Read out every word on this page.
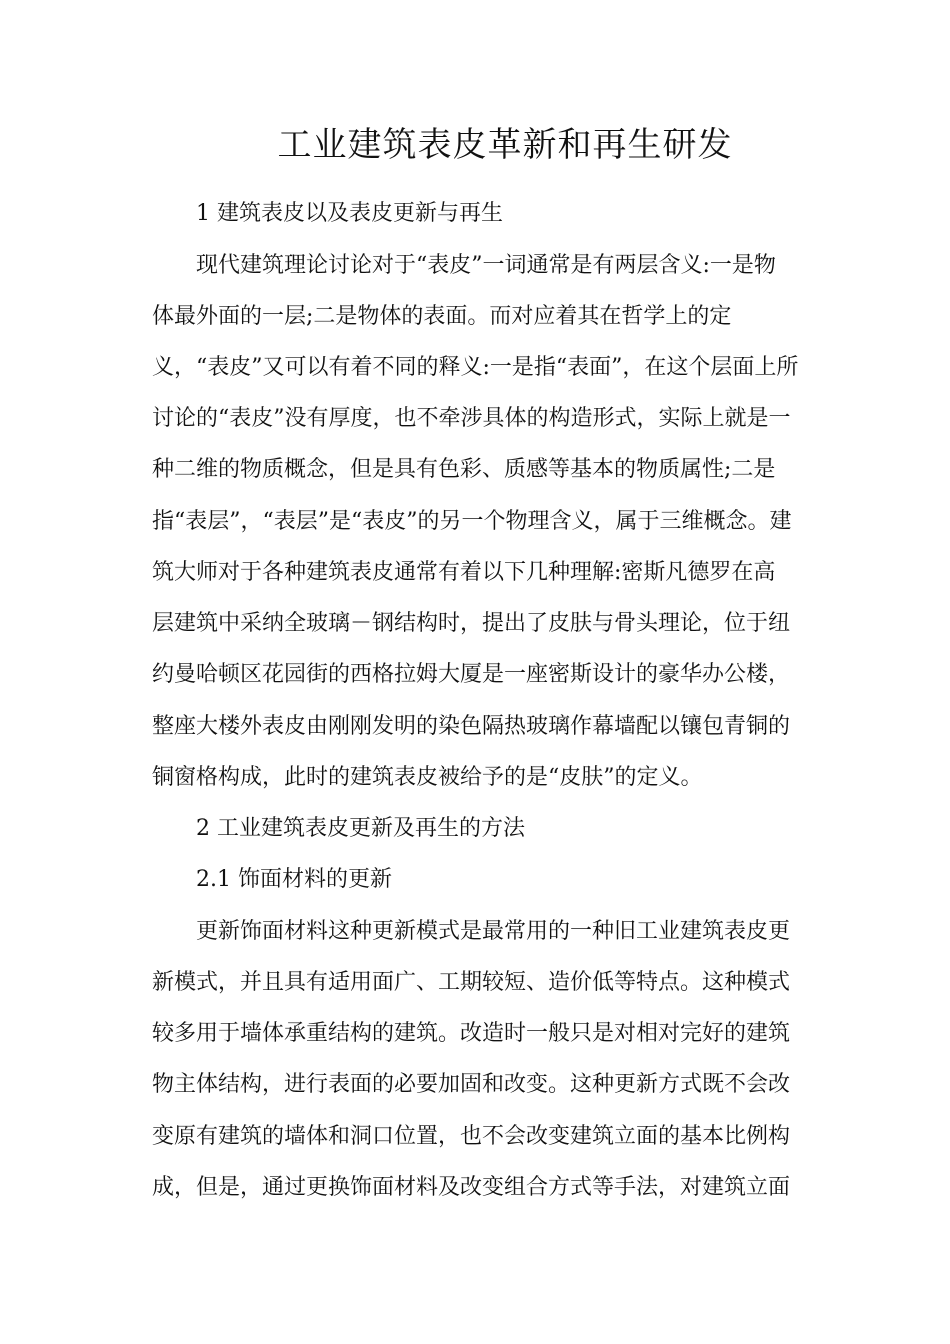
工业建筑表皮革新和再生研发
1 建筑表皮以及表皮更新与再生
现代建筑理论讨论对于“表皮”一词通常是有两层含义:一是物
体最外面的一层;二是物体的表面。而对应着其在哲学上的定
义，“表皮”又可以有着不同的释义:一是指“表面”，在这个层面上所
讨论的“表皮”没有厚度，也不牵涉具体的构造形式，实际上就是一
种二维的物质概念，但是具有色彩、质感等基本的物质属性;二是
指“表层”，“表层”是“表皮”的另一个物理含义，属于三维概念。建
筑大师对于各种建筑表皮通常有着以下几种理解:密斯凡德罗在高
层建筑中采纳全玻璃－钢结构时，提出了皮肤与骨头理论，位于纽
约曼哈顿区花园街的西格拉姆大厦是一座密斯设计的豪华办公楼，
整座大楼外表皮由刚刚发明的染色隔热玻璃作幕墙配以镶包青铜的
铜窗格构成，此时的建筑表皮被给予的是“皮肤”的定义。
2 工业建筑表皮更新及再生的方法
2.1 饰面材料的更新
更新饰面材料这种更新模式是最常用的一种旧工业建筑表皮更
新模式，并且具有适用面广、工期较短、造价低等特点。这种模式
较多用于墙体承重结构的建筑。改造时一般只是对相对完好的建筑
物主体结构，进行表面的必要加固和改变。这种更新方式既不会改
变原有建筑的墙体和洞口位置，也不会改变建筑立面的基本比例构
成，但是，通过更换饰面材料及改变组合方式等手法，对建筑立面
